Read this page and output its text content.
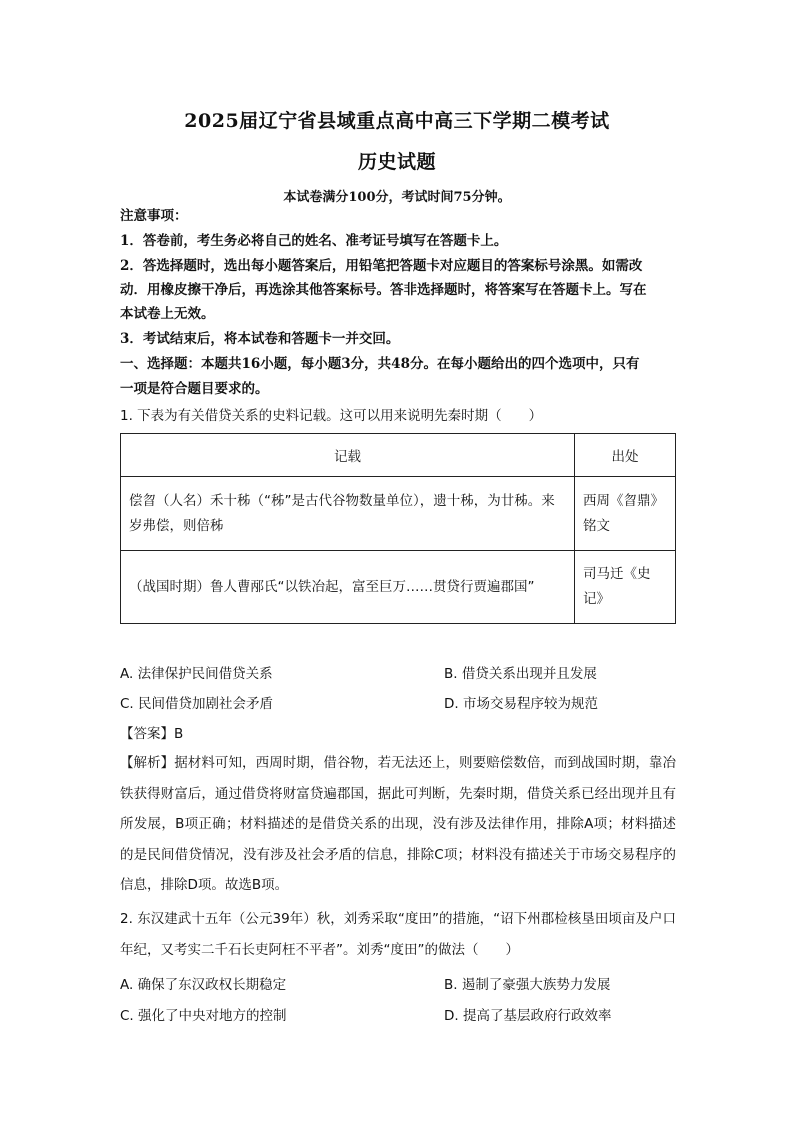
2025届辽宁省县域重点高中高三下学期二模考试
历史试题
本试卷满分100分，考试时间75分钟。
注意事项：
1．答卷前，考生务必将自己的姓名、准考证号填写在答题卡上。
2．答选择题时，选出每小题答案后，用铅笔把答题卡对应题目的答案标号涂黑。如需改
动．用橡皮擦干净后，再选涂其他答案标号。答非选择题时，将答案写在答题卡上。写在
本试卷上无效。
3．考试结束后，将本试卷和答题卡一并交回。
一、选择题：本题共16小题，每小题3分，共48分。在每小题给出的四个选项中，只有
一项是符合题目要求的。
1. 下表为有关借贷关系的史料记载。这可以用来说明先秦时期（　　）
记载	出处
偿曶（人名）禾十秭（“秭”是古代谷物数量单位），遗十秭，为廿秭。来岁弗偿，则倍秭	西周《曶鼎》铭文
（战国时期）鲁人曹邴氏“以铁冶起，富至巨万……贯贷行贾遍郡国”	司马迁《史记》
A. 法律保护民间借贷关系	B. 借贷关系出现并且发展
C. 民间借贷加剧社会矛盾	D. 市场交易程序较为规范
【答案】B
【解析】据材料可知，西周时期，借谷物，若无法还上，则要赔偿数倍，而到战国时期，靠冶铁获得财富后，通过借贷将财富贷遍郡国，据此可判断，先秦时期，借贷关系已经出现并且有所发展，B项正确；材料描述的是借贷关系的出现，没有涉及法律作用，排除A项；材料描述的是民间借贷情况，没有涉及社会矛盾的信息，排除C项；材料没有描述关于市场交易程序的信息，排除D项。故选B项。
2. 东汉建武十五年（公元39年）秋，刘秀采取“度田”的措施，“诏下州郡检核垦田顷亩及户口年纪，又考实二千石长吏阿枉不平者”。刘秀“度田”的做法（　　）
A. 确保了东汉政权长期稳定	B. 遏制了豪强大族势力发展
C. 强化了中央对地方的控制	D. 提高了基层政府行政效率
